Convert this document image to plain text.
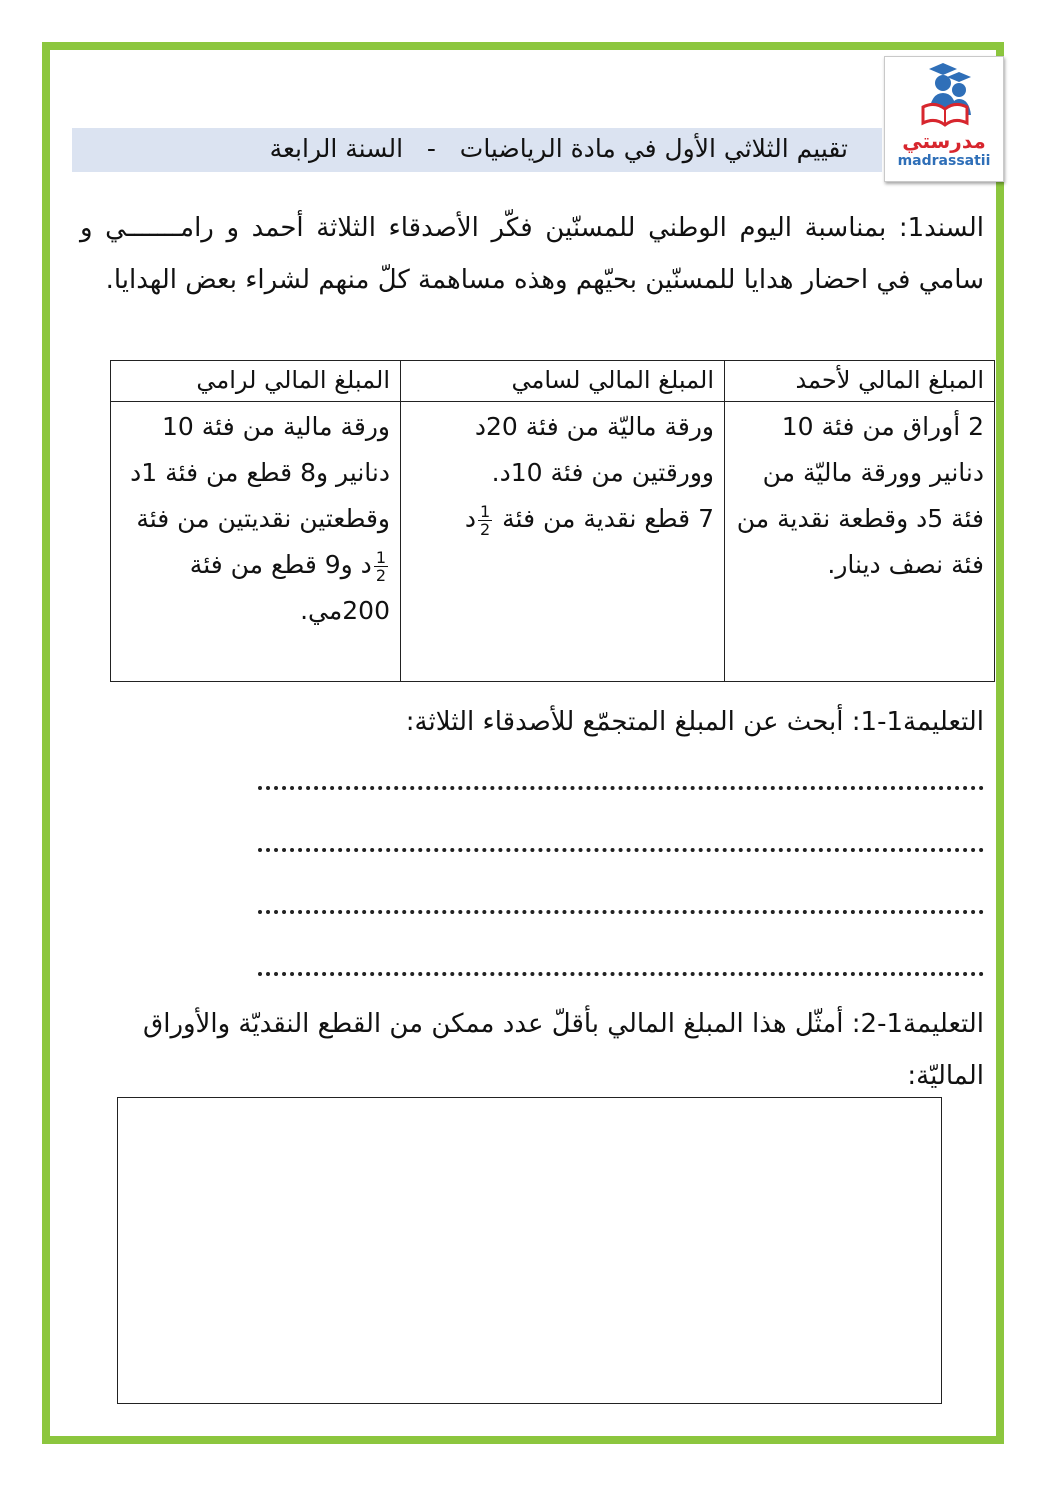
تقييم الثلاثي الأول في مادة الرياضيات   -   السنة الرابعة	مدرستي
madrassatii
السند1: بمناسبة اليوم الوطني للمسنّين فكّر الأصدقاء الثلاثة أحمد و رامـــــــي و سامي في احضار هدايا للمسنّين بحيّهم وهذه مساهمة كلّ منهم لشراء بعض الهدايا.
المبلغ المالي لأحمد	المبلغ المالي لسامي	المبلغ المالي لرامي
2 أوراق من فئة 10 دنانير وورقة ماليّة من فئة 5د وقطعة نقدية من فئة نصف دينار.	ورقة ماليّة من فئة 20د وورقتين من فئة 10د.
7 قطع نقدية من فئة
$\frac{1}{2}$
د	ورقة مالية من فئة 10 دنانير و8 قطع من فئة 1د وقطعتين نقديتين من فئة
$\frac{1}{2}$
د و9 قطع من فئة 200مي.
التعليمة1-1: أبحث عن المبلغ المتجمّع للأصدقاء الثلاثة:
التعليمة1-2: أمثّل هذا المبلغ المالي بأقلّ عدد ممكن من القطع النقديّة والأوراق الماليّة:
